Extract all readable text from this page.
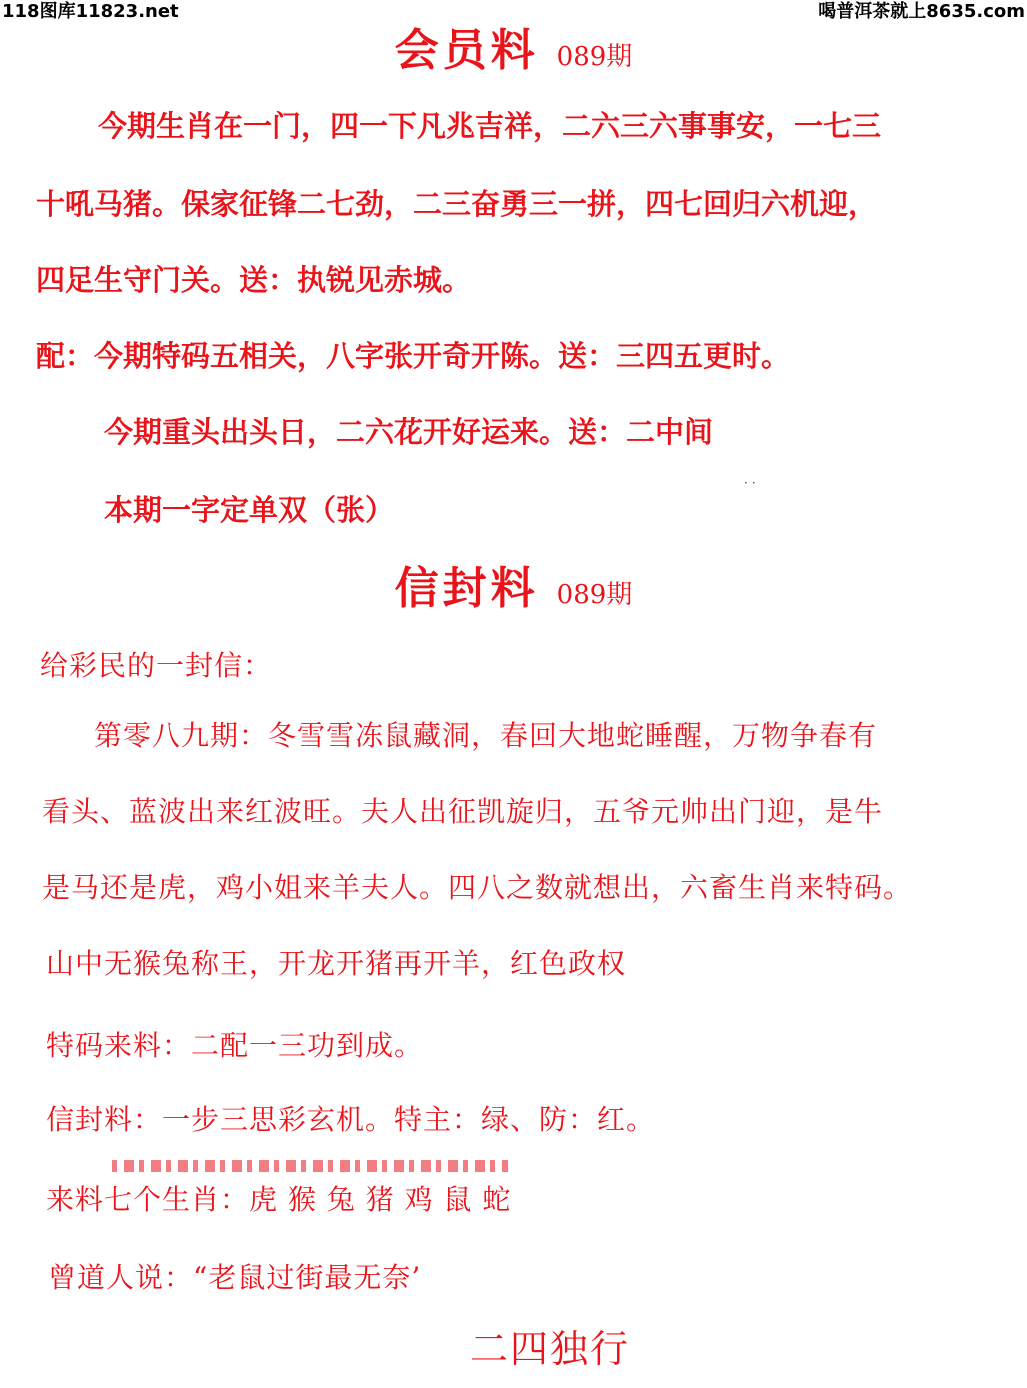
118图库11823.net	喝普洱茶就上8635.com
会员料 089期
今期生肖在一门，四一下凡兆吉祥，二六三六事事安，一七三
十吼马猪。保家征锋二七劲，二三奋勇三一拼，四七回归六机迎，
四足生守门关。送：执锐见赤城。
配：今期特码五相关，八字张开奇开陈。送：三四五更时。
今期重头出头日，二六花开好运来。送：二中间
··
本期一字定单双（张）
信封料 089期
给彩民的一封信：
第零八九期：冬雪雪冻鼠藏洞，春回大地蛇睡醒，万物争春有
看头、蓝波出来红波旺。夫人出征凯旋归，五爷元帅出门迎，是牛
是马还是虎，鸡小姐来羊夫人。四八之数就想出，六畜生肖来特码。
山中无猴兔称王，开龙开猪再开羊，红色政权
特码来料：二配一三功到成。
信封料：一步三思彩玄机。特主：绿、防：红。
来料七个生肖：虎 猴 兔 猪 鸡 鼠 蛇
曾道人说：“老鼠过街最无奈’
二四独行
